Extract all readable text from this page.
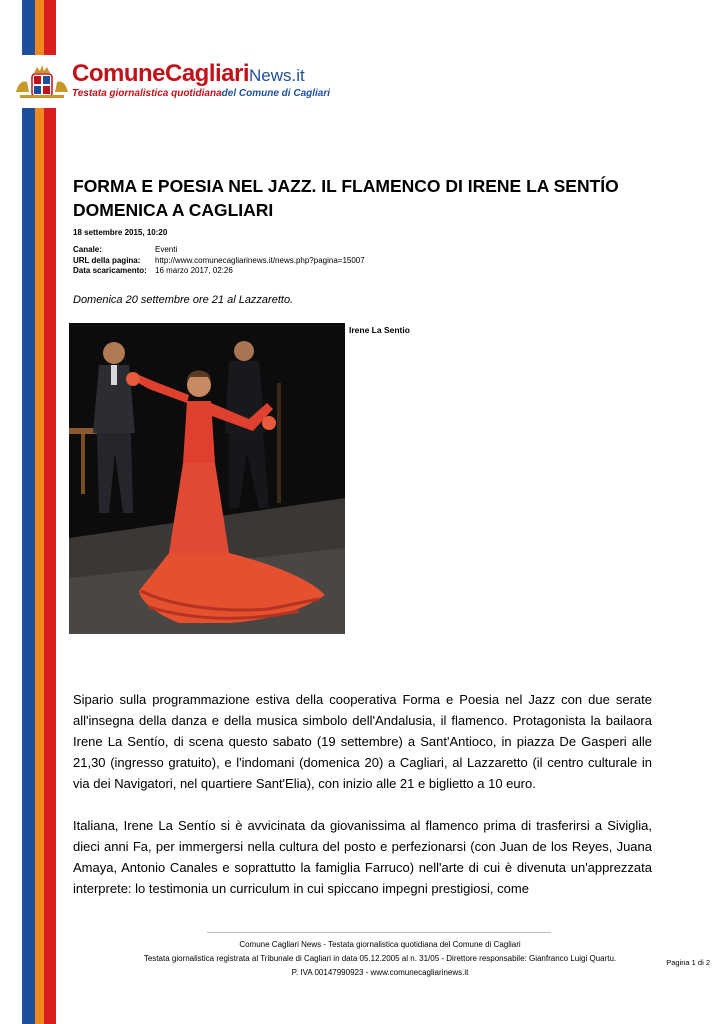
ComuneCagliariNews.it
Testata giornalistica quotidianadel Comune di Cagliari
FORMA E POESIA NEL JAZZ. IL FLAMENCO DI IRENE LA SENTÍO DOMENICA A CAGLIARI
18 settembre 2015, 10:20
Canale:	Eventi
URL della pagina:	http://www.comunecagliarinews.it/news.php?pagina=15007
Data scaricamento:	16 marzo 2017, 02:26
Domenica 20 settembre ore 21 al Lazzaretto.
Irene La Sentio

Sipario sulla programmazione estiva della cooperativa Forma e Poesia nel Jazz con due serate all'insegna della danza e della musica simbolo dell'Andalusia, il flamenco. Protagonista la bailaora Irene La Sentío, di scena questo sabato (19 settembre) a Sant'Antioco, in piazza De Gasperi alle 21,30 (ingresso gratuito), e l'indomani (domenica 20) a Cagliari, al Lazzaretto (il centro culturale in via dei Navigatori, nel quartiere Sant'Elia), con inizio alle 21 e biglietto a 10 euro.

Italiana, Irene La Sentío si è avvicinata da giovanissima al flamenco prima di trasferirsi a Siviglia, dieci anni Fa, per immergersi nella cultura del posto e perfezionarsi (con Juan de los Reyes, Juana Amaya, Antonio Canales e soprattutto la famiglia Farruco) nell'arte di cui è divenuta un'apprezzata interprete: lo testimonia un curriculum in cui spiccano impegni prestigiosi, come

Comune Cagliari News - Testata giornalistica quotidiana del Comune di Cagliari
Testata giornalistica registrata al Tribunale di Cagliari in data 05.12.2005 al n. 31/05 - Direttore responsabile: Gianfranco Luigi Quartu.
P. IVA 00147990923 - www.comunecagliarinews.it
Pagina 1 di 2
